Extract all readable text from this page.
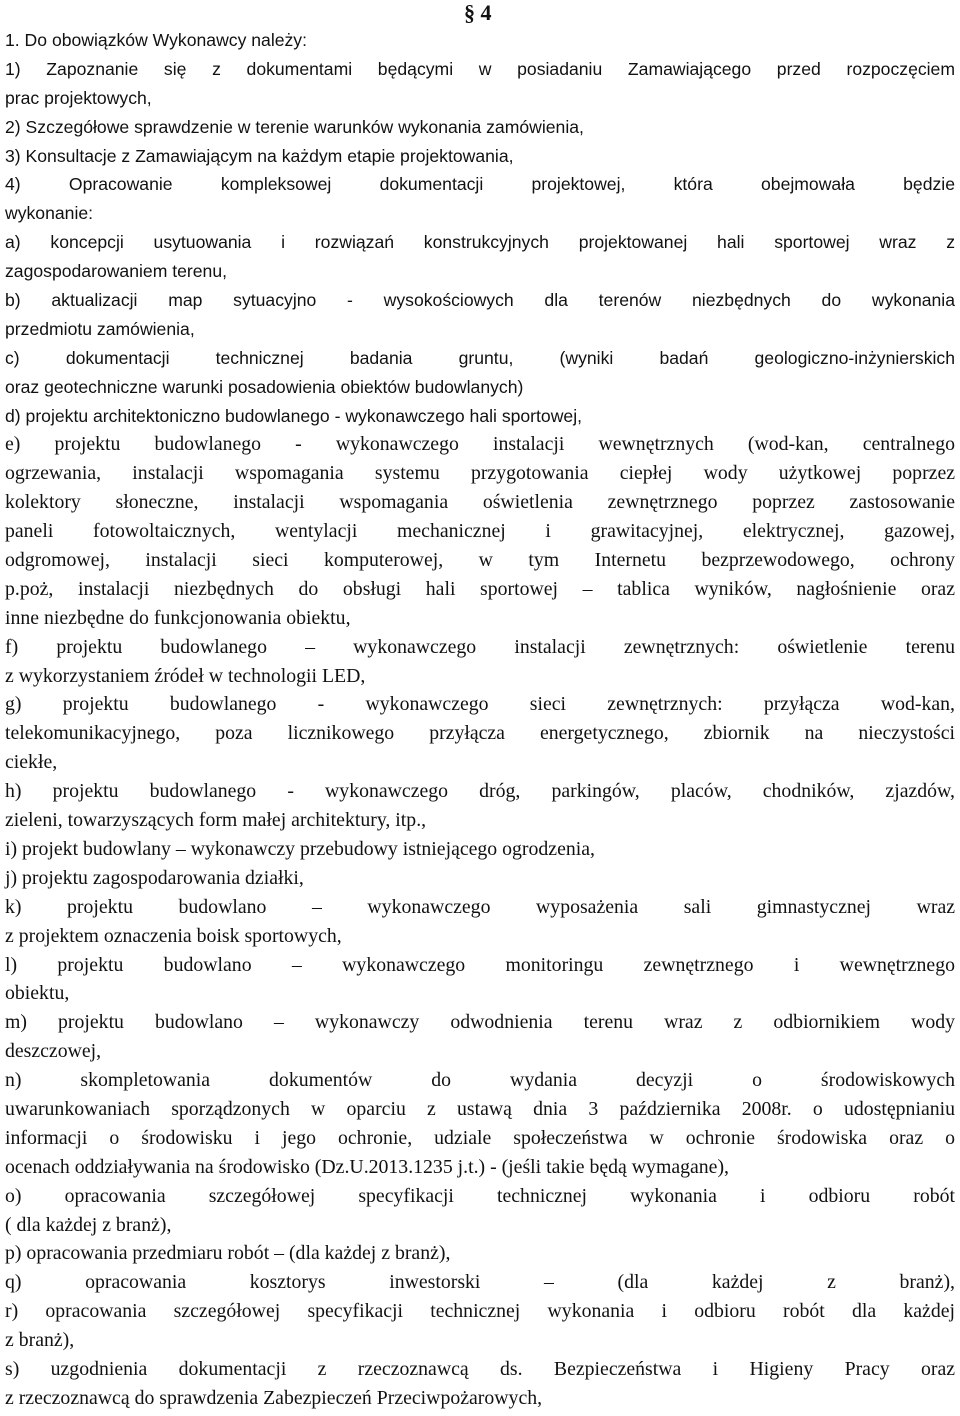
§ 4
1. Do obowiązków Wykonawcy należy:
1) Zapoznanie się z dokumentami będącymi w posiadaniu Zamawiającego przed rozpoczęciem
prac projektowych,
2) Szczegółowe sprawdzenie w terenie warunków wykonania zamówienia,
3) Konsultacje z Zamawiającym na każdym etapie projektowania,
4) Opracowanie kompleksowej dokumentacji projektowej, która obejmowała będzie
wykonanie:
a) koncepcji usytuowania i rozwiązań konstrukcyjnych projektowanej hali sportowej wraz z
zagospodarowaniem terenu,
b) aktualizacji map sytuacyjno - wysokościowych dla terenów niezbędnych do wykonania
przedmiotu zamówienia,
c) dokumentacji technicznej badania gruntu, (wyniki badań geologiczno-inżynierskich
oraz geotechniczne warunki posadowienia obiektów budowlanych)
d) projektu architektoniczno budowlanego - wykonawczego hali sportowej,
e) projektu budowlanego - wykonawczego instalacji wewnętrznych (wod-kan, centralnego
ogrzewania, instalacji wspomagania systemu przygotowania ciepłej wody użytkowej poprzez
kolektory słoneczne, instalacji wspomagania oświetlenia zewnętrznego poprzez zastosowanie
paneli fotowoltaicznych, wentylacji mechanicznej i grawitacyjnej, elektrycznej, gazowej,
odgromowej, instalacji sieci komputerowej, w tym Internetu bezprzewodowego, ochrony
p.poż, instalacji niezbędnych do obsługi hali sportowej – tablica wyników, nagłośnienie oraz
inne niezbędne do funkcjonowania obiektu,
f) projektu budowlanego – wykonawczego instalacji zewnętrznych: oświetlenie terenu
z wykorzystaniem źródeł w technologii LED,
g) projektu budowlanego - wykonawczego sieci zewnętrznych: przyłącza wod-kan,
telekomunikacyjnego, poza licznikowego przyłącza energetycznego, zbiornik na nieczystości
ciekłe,
h) projektu budowlanego - wykonawczego dróg, parkingów, placów, chodników, zjazdów,
zieleni, towarzyszących form małej architektury, itp.,
i) projekt budowlany – wykonawczy przebudowy istniejącego ogrodzenia,
j) projektu zagospodarowania działki,
k) projektu budowlano – wykonawczego wyposażenia sali gimnastycznej wraz
z projektem oznaczenia boisk sportowych,
l) projektu budowlano – wykonawczego monitoringu zewnętrznego i wewnętrznego
obiektu,
m) projektu budowlano – wykonawczy odwodnienia terenu wraz z odbiornikiem wody
deszczowej,
n) skompletowania dokumentów do wydania decyzji o środowiskowych
uwarunkowaniach sporządzonych w oparciu z ustawą dnia 3 października 2008r. o udostępnianiu
informacji o środowisku i jego ochronie, udziale społeczeństwa w ochronie środowiska oraz o
ocenach oddziaływania na środowisko (Dz.U.2013.1235 j.t.) - (jeśli takie będą wymagane),
o) opracowania szczegółowej specyfikacji technicznej wykonania i odbioru robót
( dla każdej z branż),
p) opracowania przedmiaru robót – (dla każdej z branż),
q) opracowania kosztorys inwestorski – (dla każdej z branż),
r) opracowania szczegółowej specyfikacji technicznej wykonania i odbioru robót dla każdej
z branż),
s) uzgodnienia dokumentacji z rzeczoznawcą ds. Bezpieczeństwa i Higieny Pracy oraz
z rzeczoznawcą do sprawdzenia Zabezpieczeń Przeciwpożarowych,
